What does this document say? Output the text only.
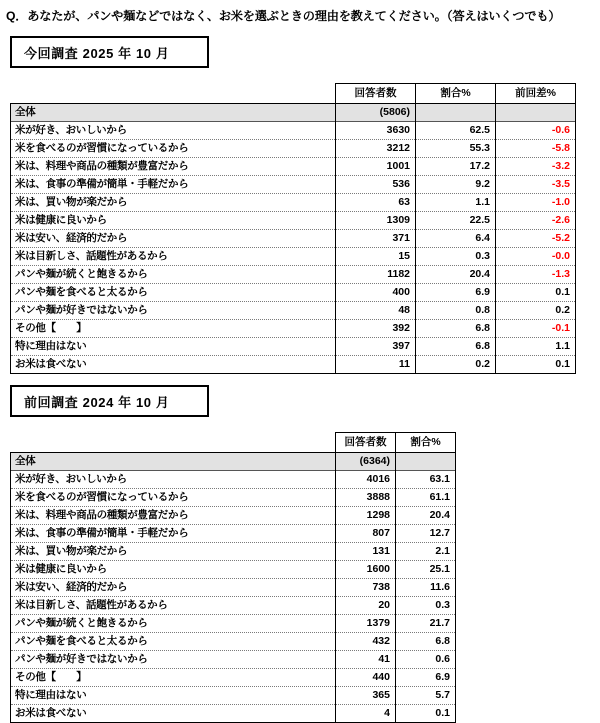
Q．あなたが、パンや麺などではなく、お米を選ぶときの理由を教えてください。（答えはいくつでも）
今回調査 2025 年 10 月
	回答者数	割合%	前回差%
全体	(5806)		
米が好き、おいしいから	3630	62.5	-0.6
米を食べるのが習慣になっているから	3212	55.3	-5.8
米は、料理や商品の種類が豊富だから	1001	17.2	-3.2
米は、食事の準備が簡単・手軽だから	536	9.2	-3.5
米は、買い物が楽だから	63	1.1	-1.0
米は健康に良いから	1309	22.5	-2.6
米は安い、経済的だから	371	6.4	-5.2
米は目新しさ、話題性があるから	15	0.3	-0.0
パンや麺が続くと飽きるから	1182	20.4	-1.3
パンや麺を食べると太るから	400	6.9	0.1
パンや麺が好きではないから	48	0.8	0.2
その他【　　】	392	6.8	-0.1
特に理由はない	397	6.8	1.1
お米は食べない	11	0.2	0.1
前回調査 2024 年 10 月
	回答者数	割合%
全体	(6364)	
米が好き、おいしいから	4016	63.1
米を食べるのが習慣になっているから	3888	61.1
米は、料理や商品の種類が豊富だから	1298	20.4
米は、食事の準備が簡単・手軽だから	807	12.7
米は、買い物が楽だから	131	2.1
米は健康に良いから	1600	25.1
米は安い、経済的だから	738	11.6
米は目新しさ、話題性があるから	20	0.3
パンや麺が続くと飽きるから	1379	21.7
パンや麺を食べると太るから	432	6.8
パンや麺が好きではないから	41	0.6
その他【　　】	440	6.9
特に理由はない	365	5.7
お米は食べない	4	0.1
